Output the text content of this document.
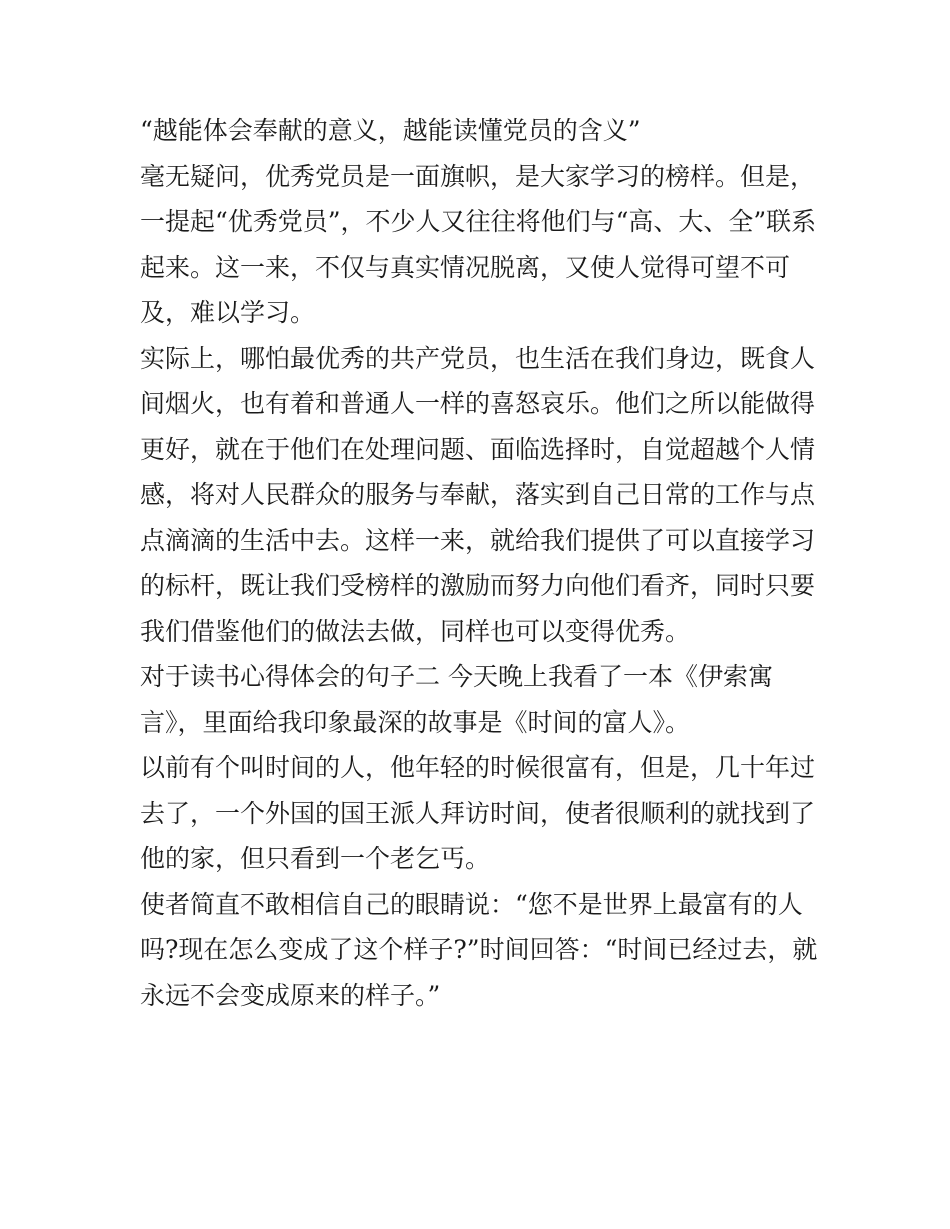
“越能体会奉献的意义，越能读懂党员的含义”
毫无疑问，优秀党员是一面旗帜，是大家学习的榜样。但是，
一提起“优秀党员”，不少人又往往将他们与“高、大、全”联系
起来。这一来，不仅与真实情况脱离，又使人觉得可望不可
及，难以学习。
实际上，哪怕最优秀的共产党员，也生活在我们身边，既食人
间烟火，也有着和普通人一样的喜怒哀乐。他们之所以能做得
更好，就在于他们在处理问题、面临选择时，自觉超越个人情
感，将对人民群众的服务与奉献，落实到自己日常的工作与点
点滴滴的生活中去。这样一来，就给我们提供了可以直接学习
的标杆，既让我们受榜样的激励而努力向他们看齐，同时只要
我们借鉴他们的做法去做，同样也可以变得优秀。
对于读书心得体会的句子二 今天晚上我看了一本《伊索寓
言》，里面给我印象最深的故事是《时间的富人》。
以前有个叫时间的人，他年轻的时候很富有，但是，几十年过
去了，一个外国的国王派人拜访时间，使者很顺利的就找到了
他的家，但只看到一个老乞丐。
使者简直不敢相信自己的眼睛说：“您不是世界上最富有的人
吗?现在怎么变成了这个样子?”时间回答：“时间已经过去，就
永远不会变成原来的样子。”
